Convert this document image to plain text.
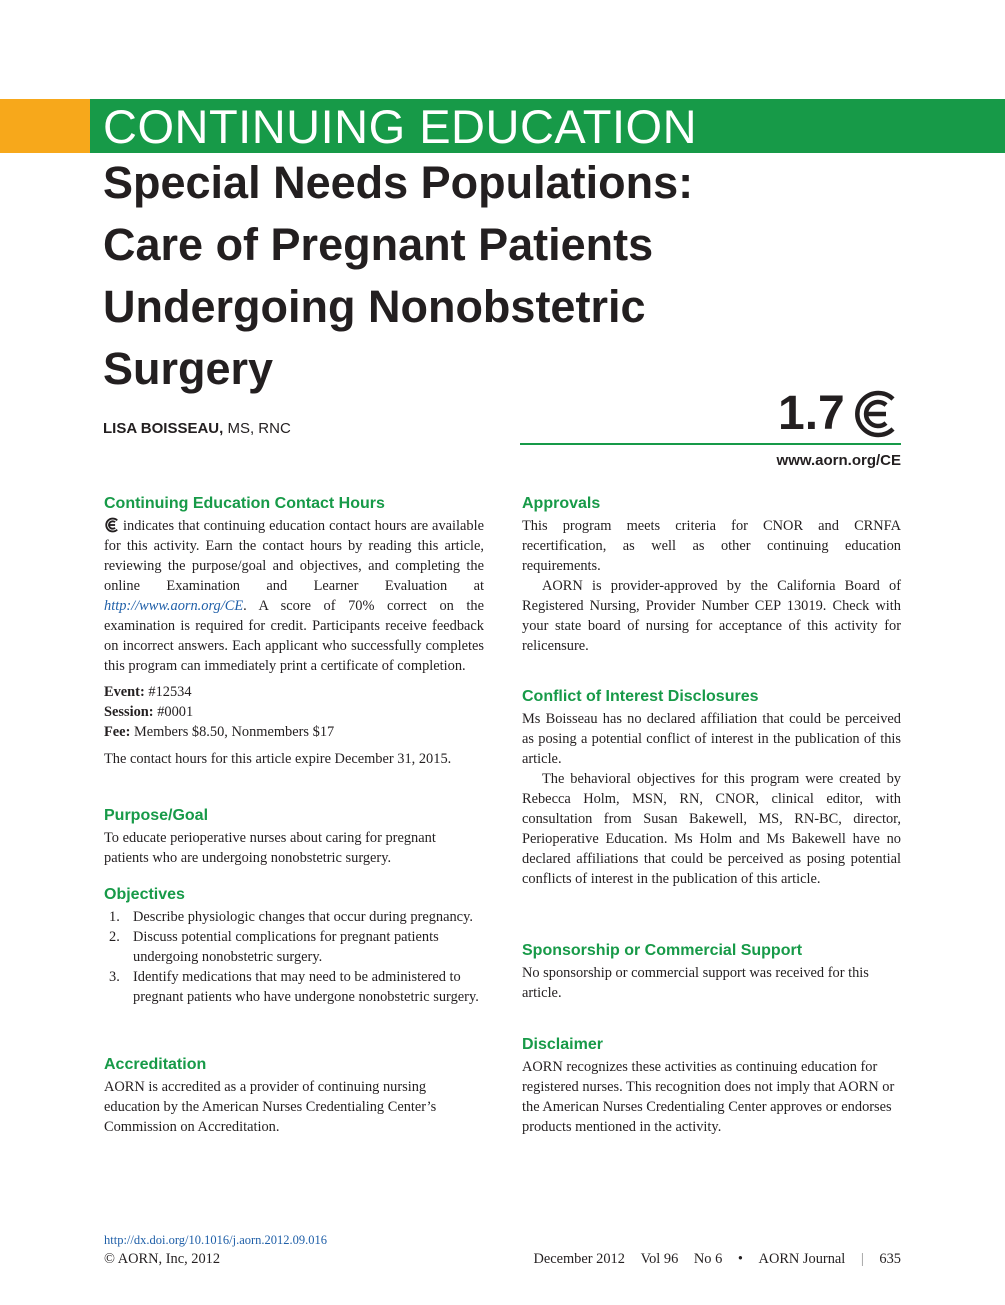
CONTINUING EDUCATION
Special Needs Populations:
Care of Pregnant Patients
Undergoing Nonobstetric
Surgery
LISA BOISSEAU, MS, RNC	1.7
www.aorn.org/CE
Continuing Education Contact Hours

indicates that continuing education contact hours are available for this activity. Earn the contact hours by reading this article, reviewing the purpose/goal and objectives, and completing the online Examination and Learner Evaluation at http://www.aorn.org/CE. A score of 70% correct on the examination is required for credit. Participants receive feedback on incorrect answers. Each applicant who successfully completes this program can immediately print a certificate of completion.

Event: #12534

Session: #0001

Fee: Members $8.50, Nonmembers $17

The contact hours for this article expire December 31, 2015.

Purpose/Goal

To educate perioperative nurses about caring for pregnant patients who are undergoing nonobstetric surgery.

Objectives
1. Describe physiologic changes that occur during pregnancy.
2. Discuss potential complications for pregnant patients undergoing nonobstetric surgery.
3. Identify medications that may need to be administered to pregnant patients who have undergone nonobstetric surgery.
Accreditation

AORN is accredited as a provider of continuing nursing education by the American Nurses Credentialing Center’s Commission on Accreditation.

Approvals

This program meets criteria for CNOR and CRNFA recertification, as well as other continuing education requirements.

AORN is provider-approved by the California Board of Registered Nursing, Provider Number CEP 13019. Check with your state board of nursing for acceptance of this activity for relicensure.

Conflict of Interest Disclosures

Ms Boisseau has no declared affiliation that could be perceived as posing a potential conflict of interest in the publication of this article.

The behavioral objectives for this program were created by Rebecca Holm, MSN, RN, CNOR, clinical editor, with consultation from Susan Bakewell, MS, RN-BC, director, Perioperative Education. Ms Holm and Ms Bakewell have no declared affiliations that could be perceived as posing potential conflicts of interest in the publication of this article.

Sponsorship or Commercial Support

No sponsorship or commercial support was received for this article.

Disclaimer

AORN recognizes these activities as continuing education for registered nurses. This recognition does not imply that AORN or the American Nurses Credentialing Center approves or endorses products mentioned in the activity.

http://dx.doi.org/10.1016/j.aorn.2012.09.016
© AORN, Inc, 2012	December 2012 Vol 96 No 6 • AORN Journal | 635
